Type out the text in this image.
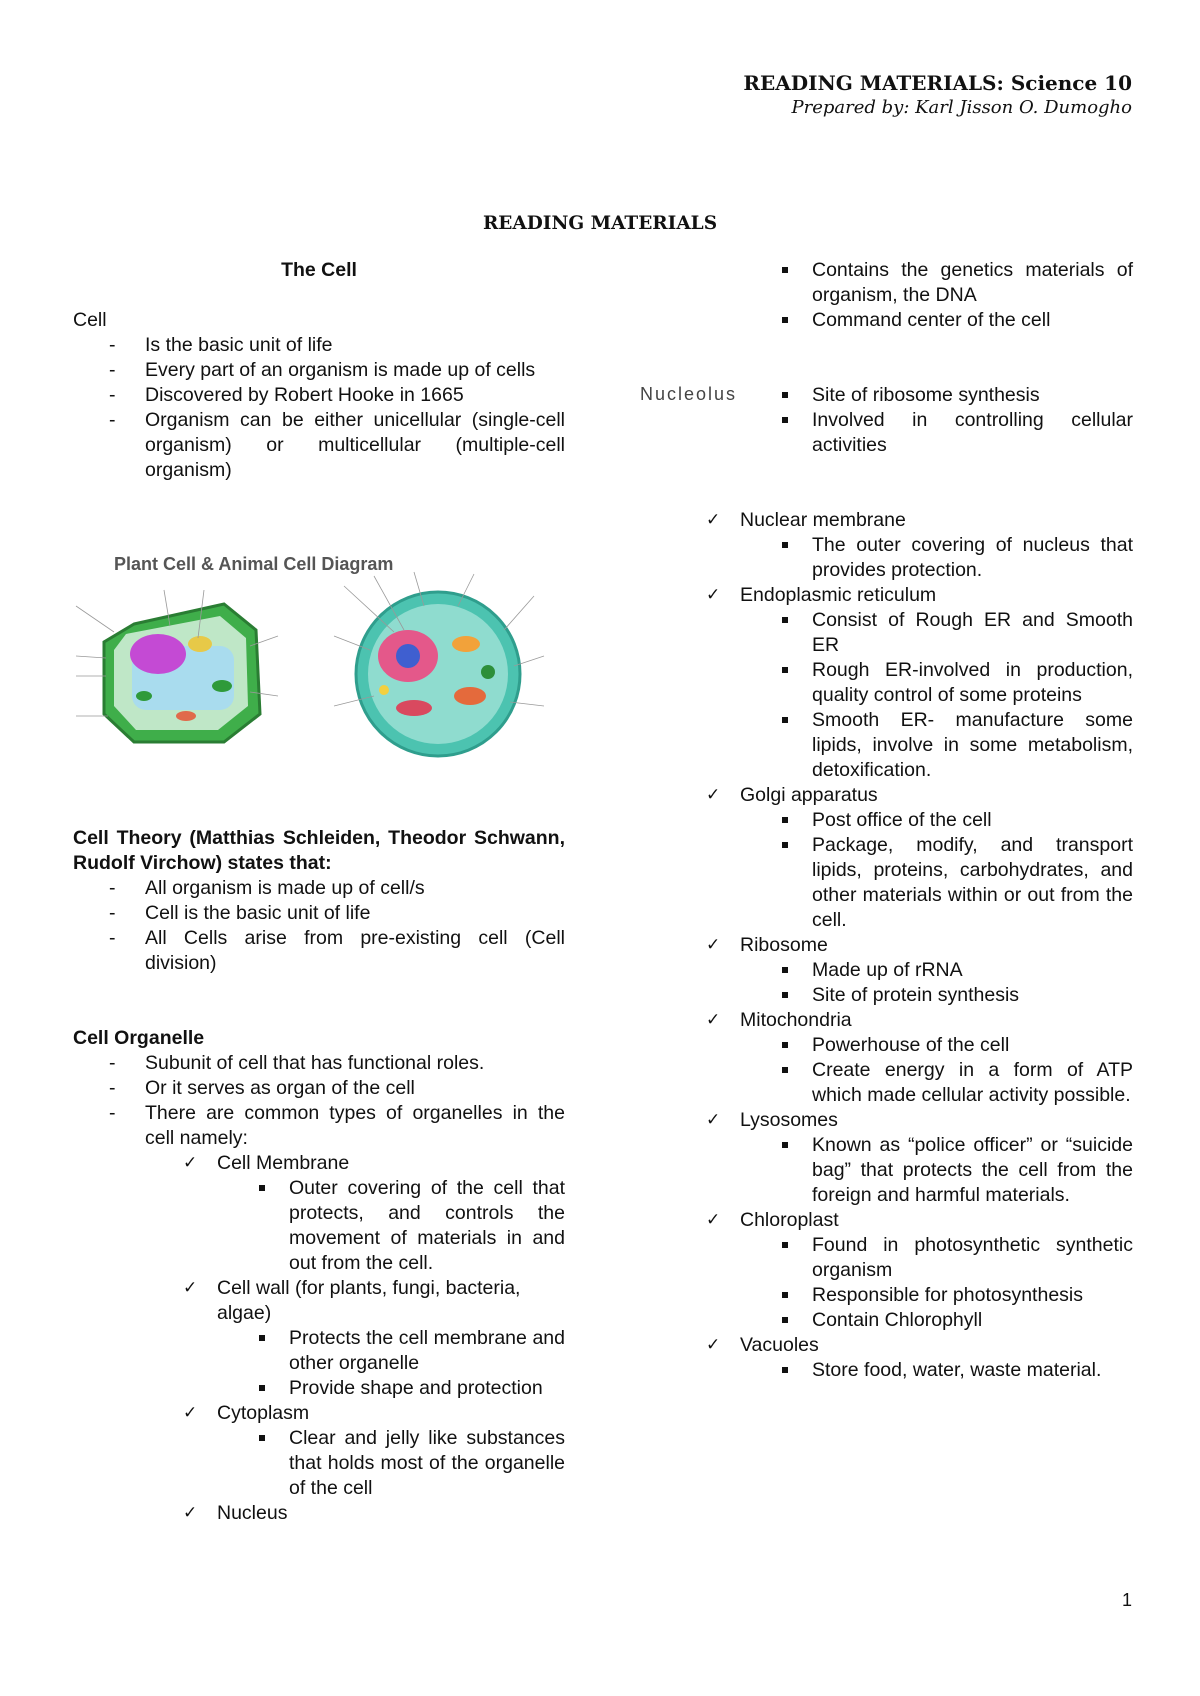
READING MATERIALS: Science 10
Prepared by: Karl Jisson O. Dumogho
READING MATERIALS
The Cell
Cell
- Is the basic unit of life
- Every part of an organism is made up of cells
- Discovered by Robert Hooke in 1665
- Organism can be either unicellular (single-cell organism) or multicellular (multiple-cell organism)
Plant Cell & Animal Cell Diagram
Cell Theory (Matthias Schleiden, Theodor Schwann, Rudolf Virchow) states that:
- All organism is made up of cell/s
- Cell is the basic unit of life
- All Cells arise from pre-existing cell (Cell division)
Cell Organelle
- Subunit of cell that has functional roles.
- Or it serves as organ of the cell
- There are common types of organelles in the cell namely:
✓ Cell Membrane
Outer covering of the cell that protects, and controls the movement of materials in and out from the cell.
✓ Cell wall (for plants, fungi, bacteria, algae)
Protects the cell membrane and other organelle
Provide shape and protection
✓ Cytoplasm
Clear and jelly like substances that holds most of the organelle of the cell
✓ Nucleus
Contains the genetics materials of organism, the DNA
Command center of the cell
Site of ribosome synthesis
Involved in controlling cellular activities
Nucleolus
✓ Nuclear membrane
The outer covering of nucleus that provides protection.
✓ Endoplasmic reticulum
Consist of Rough ER and Smooth ER
Rough ER-involved in production, quality control of some proteins
Smooth ER- manufacture some lipids, involve in some metabolism, detoxification.
✓ Golgi apparatus
Post office of the cell
Package, modify, and transport lipids, proteins, carbohydrates, and other materials within or out from the cell.
✓ Ribosome
Made up of rRNA
Site of protein synthesis
✓ Mitochondria
Powerhouse of the cell
Create energy in a form of ATP which made cellular activity possible.
✓ Lysosomes
Known as “police officer” or “suicide bag” that protects the cell from the foreign and harmful materials.
✓ Chloroplast
Found in photosynthetic synthetic organism
Responsible for photosynthesis
Contain Chlorophyll
✓ Vacuoles
Store food, water, waste material.
1
